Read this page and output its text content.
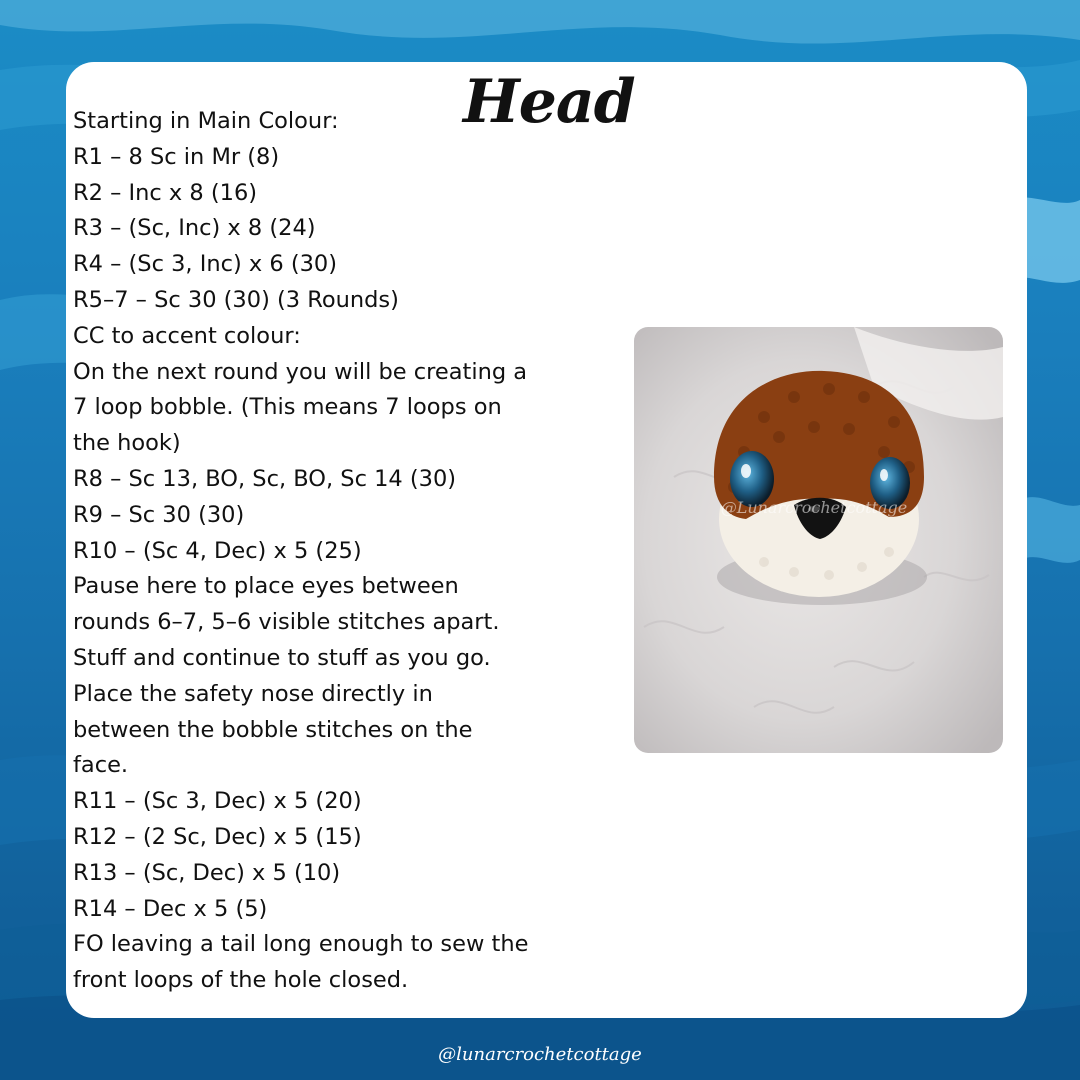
Head
Starting in Main Colour:
R1 – 8 Sc in Mr (8)
R2 – Inc x 8 (16)
R3 – (Sc, Inc) x 8 (24)
R4 – (Sc 3, Inc) x 6 (30)
R5–7 – Sc 30 (30) (3 Rounds)
CC to accent colour:
On the next round you will be creating a
7 loop bobble. (This means 7 loops on
the hook)
R8 – Sc 13, BO, Sc, BO, Sc 14 (30)
R9 – Sc 30 (30)
R10 – (Sc 4, Dec) x 5 (25)
Pause here to place eyes between
rounds 6–7, 5–6 visible stitches apart.
Stuff and continue to stuff as you go.
Place the safety nose directly in
between the bobble stitches on the
face.
R11 – (Sc 3, Dec) x 5 (20)
R12 – (2 Sc, Dec) x 5 (15)
R13 – (Sc, Dec) x 5 (10)
R14 – Dec x 5 (5)
FO leaving a tail long enough to sew the
front loops of the hole closed.
@Lunarcrochetcottage
@lunarcrochetcottage
